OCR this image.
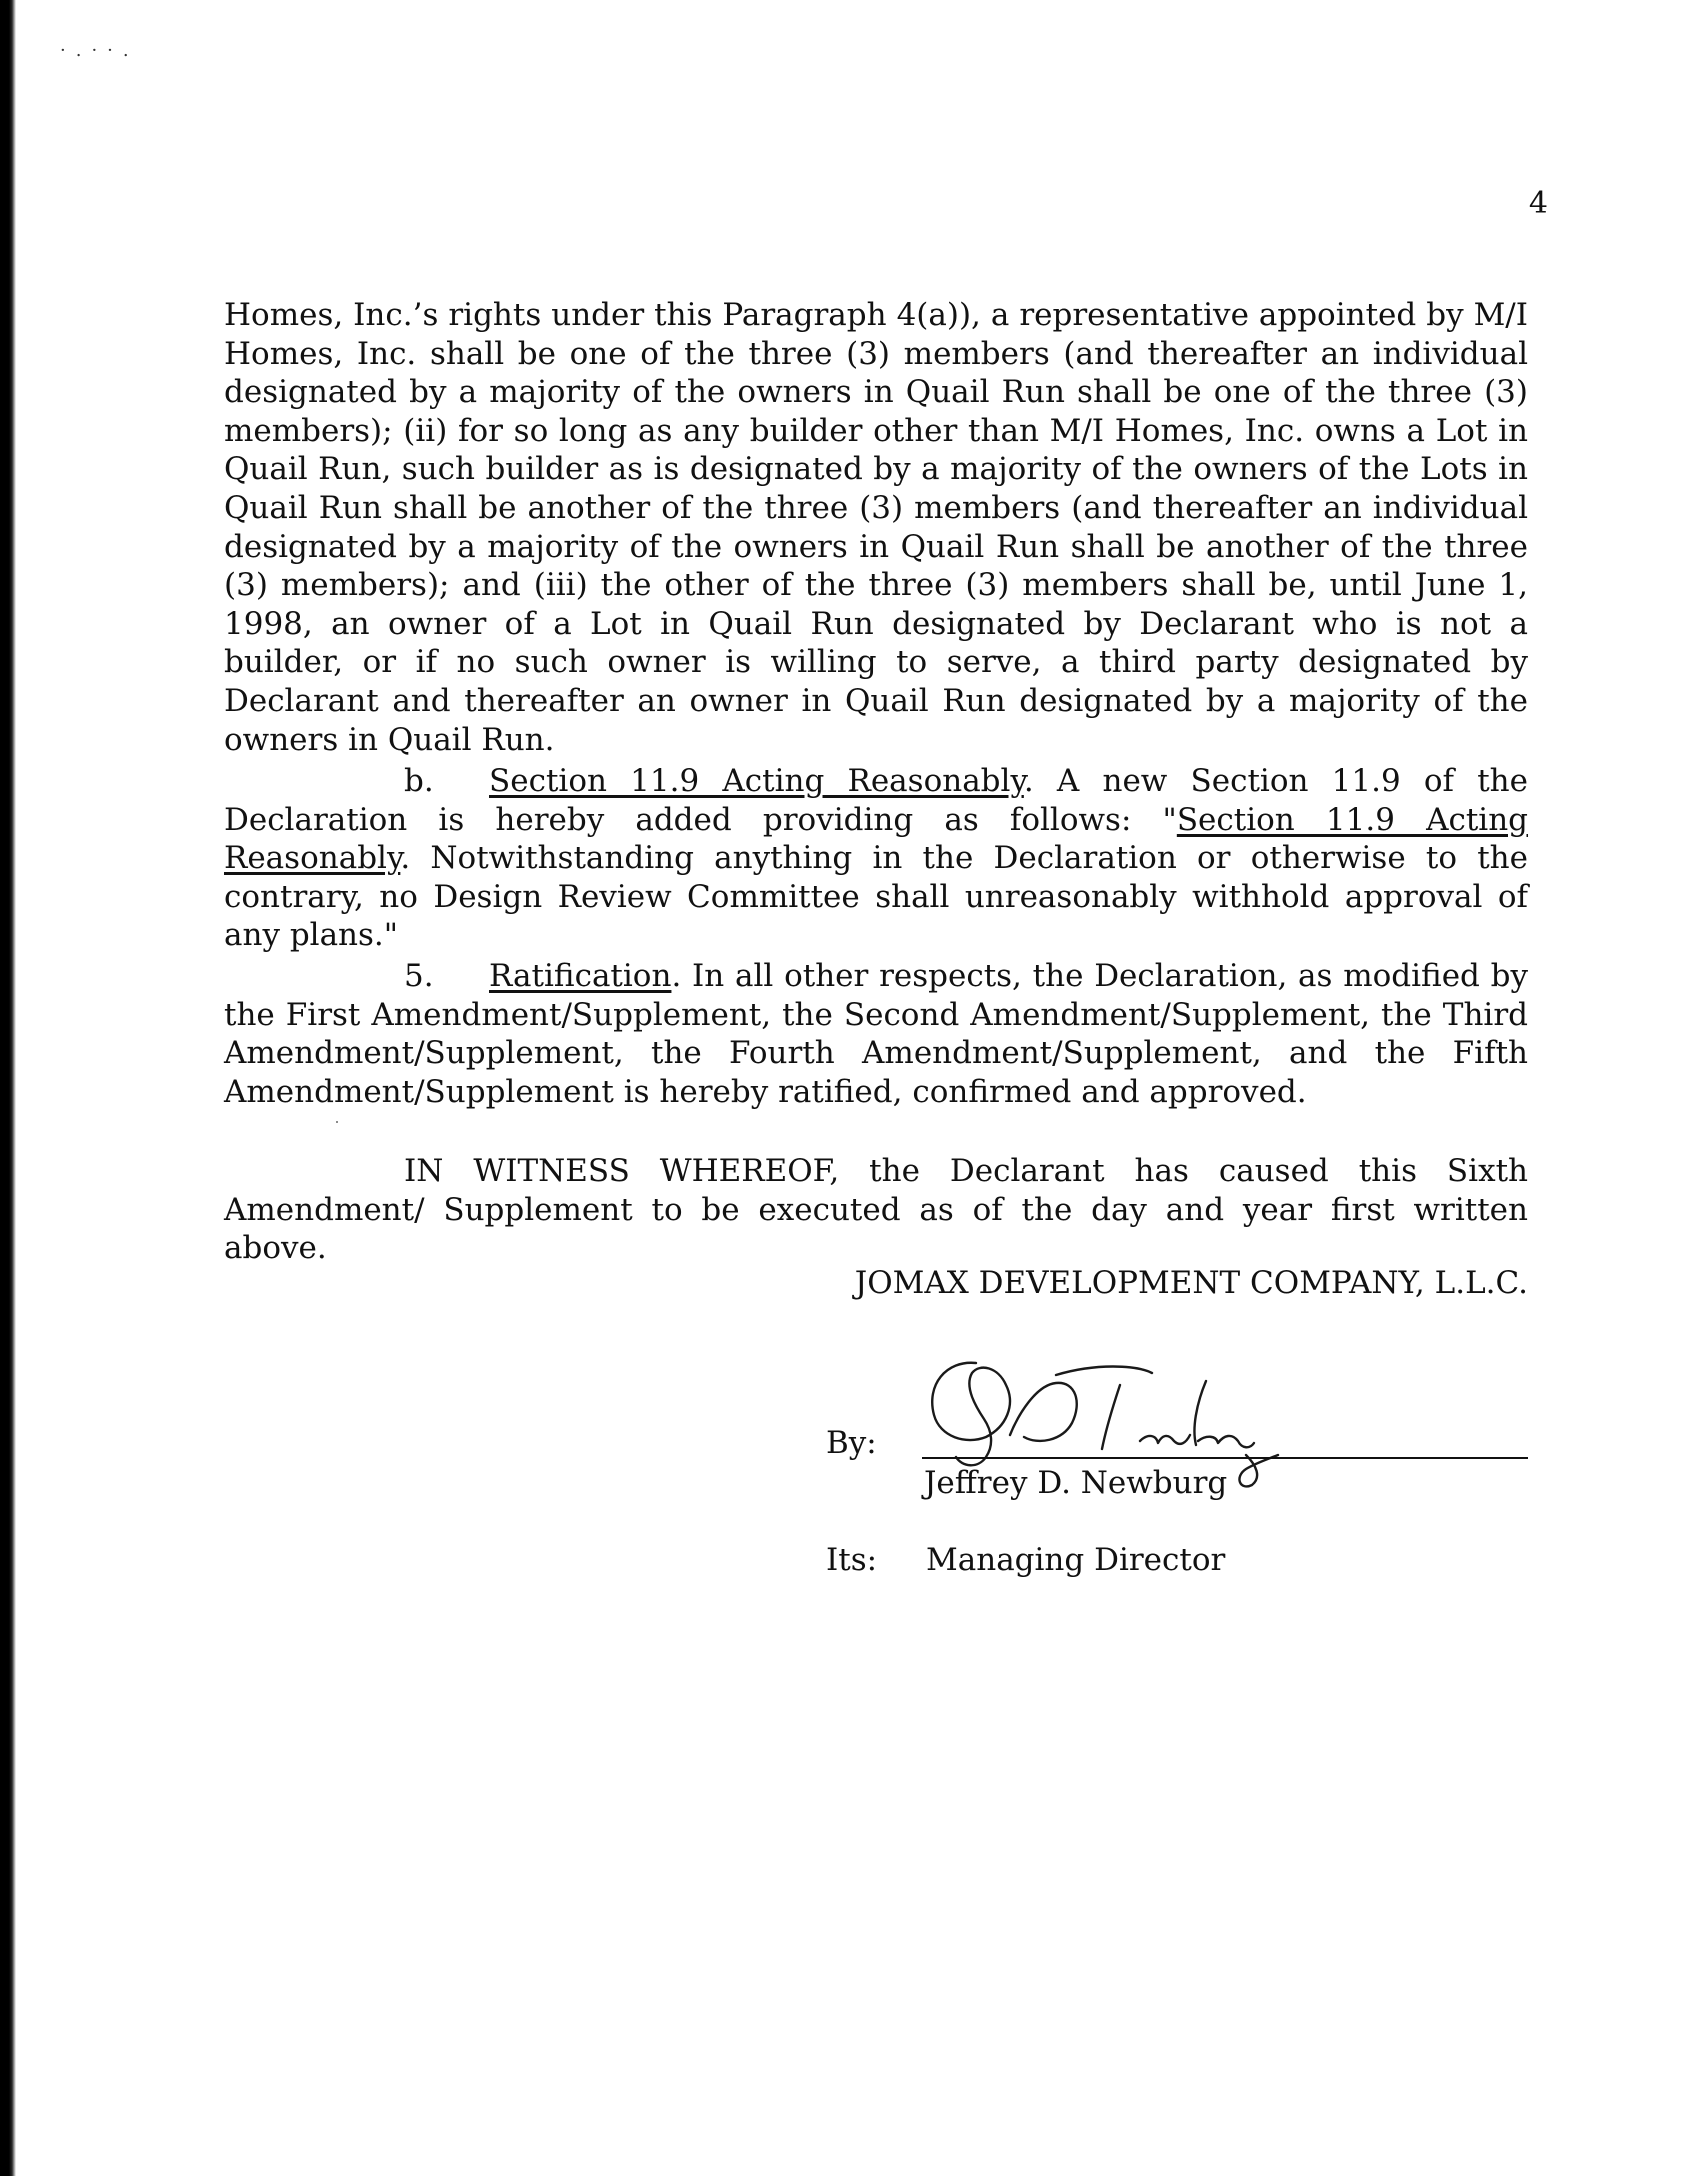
·.··.
4

Homes, Inc.’s rights under this Paragraph 4(a)), a representative appointed by M/I Homes, Inc. shall be one of the three (3) members (and thereafter an individual designated by a majority of the owners in Quail Run shall be one of the three (3) members); (ii) for so long as any builder other than M/I Homes, Inc. owns a Lot in Quail Run, such builder as is designated by a majority of the owners of the Lots in Quail Run shall be another of the three (3) members (and thereafter an individual designated by a majority of the owners in Quail Run shall be another of the three (3) members); and (iii) the other of the three (3) members shall be, until June 1, 1998, an owner of a Lot in Quail Run designated by Declarant who is not a builder, or if no such owner is willing to serve, a third party designated by Declarant and thereafter an owner in Quail Run designated by a majority of the owners in Quail Run.

b. Section 11.9 Acting Reasonably. A new Section 11.9 of the Declaration is hereby added providing as follows: "Section 11.9 Acting Reasonably. Notwithstanding anything in the Declaration or otherwise to the contrary, no Design Review Committee shall unreasonably withhold approval of any plans."

5. Ratification. In all other respects, the Declaration, as modified by the First Amendment/Supplement, the Second Amendment/Supplement, the Third Amendment/Supplement, the Fourth Amendment/Supplement, and the Fifth Amendment/Supplement is hereby ratified, confirmed and approved.

IN WITNESS WHEREOF, the Declarant has caused this Sixth Amendment/ Supplement to be executed as of the day and year first written above.

JOMAX DEVELOPMENT COMPANY, L.L.C.
By:
Jeffrey D. Newburg
Its: Managing Director
